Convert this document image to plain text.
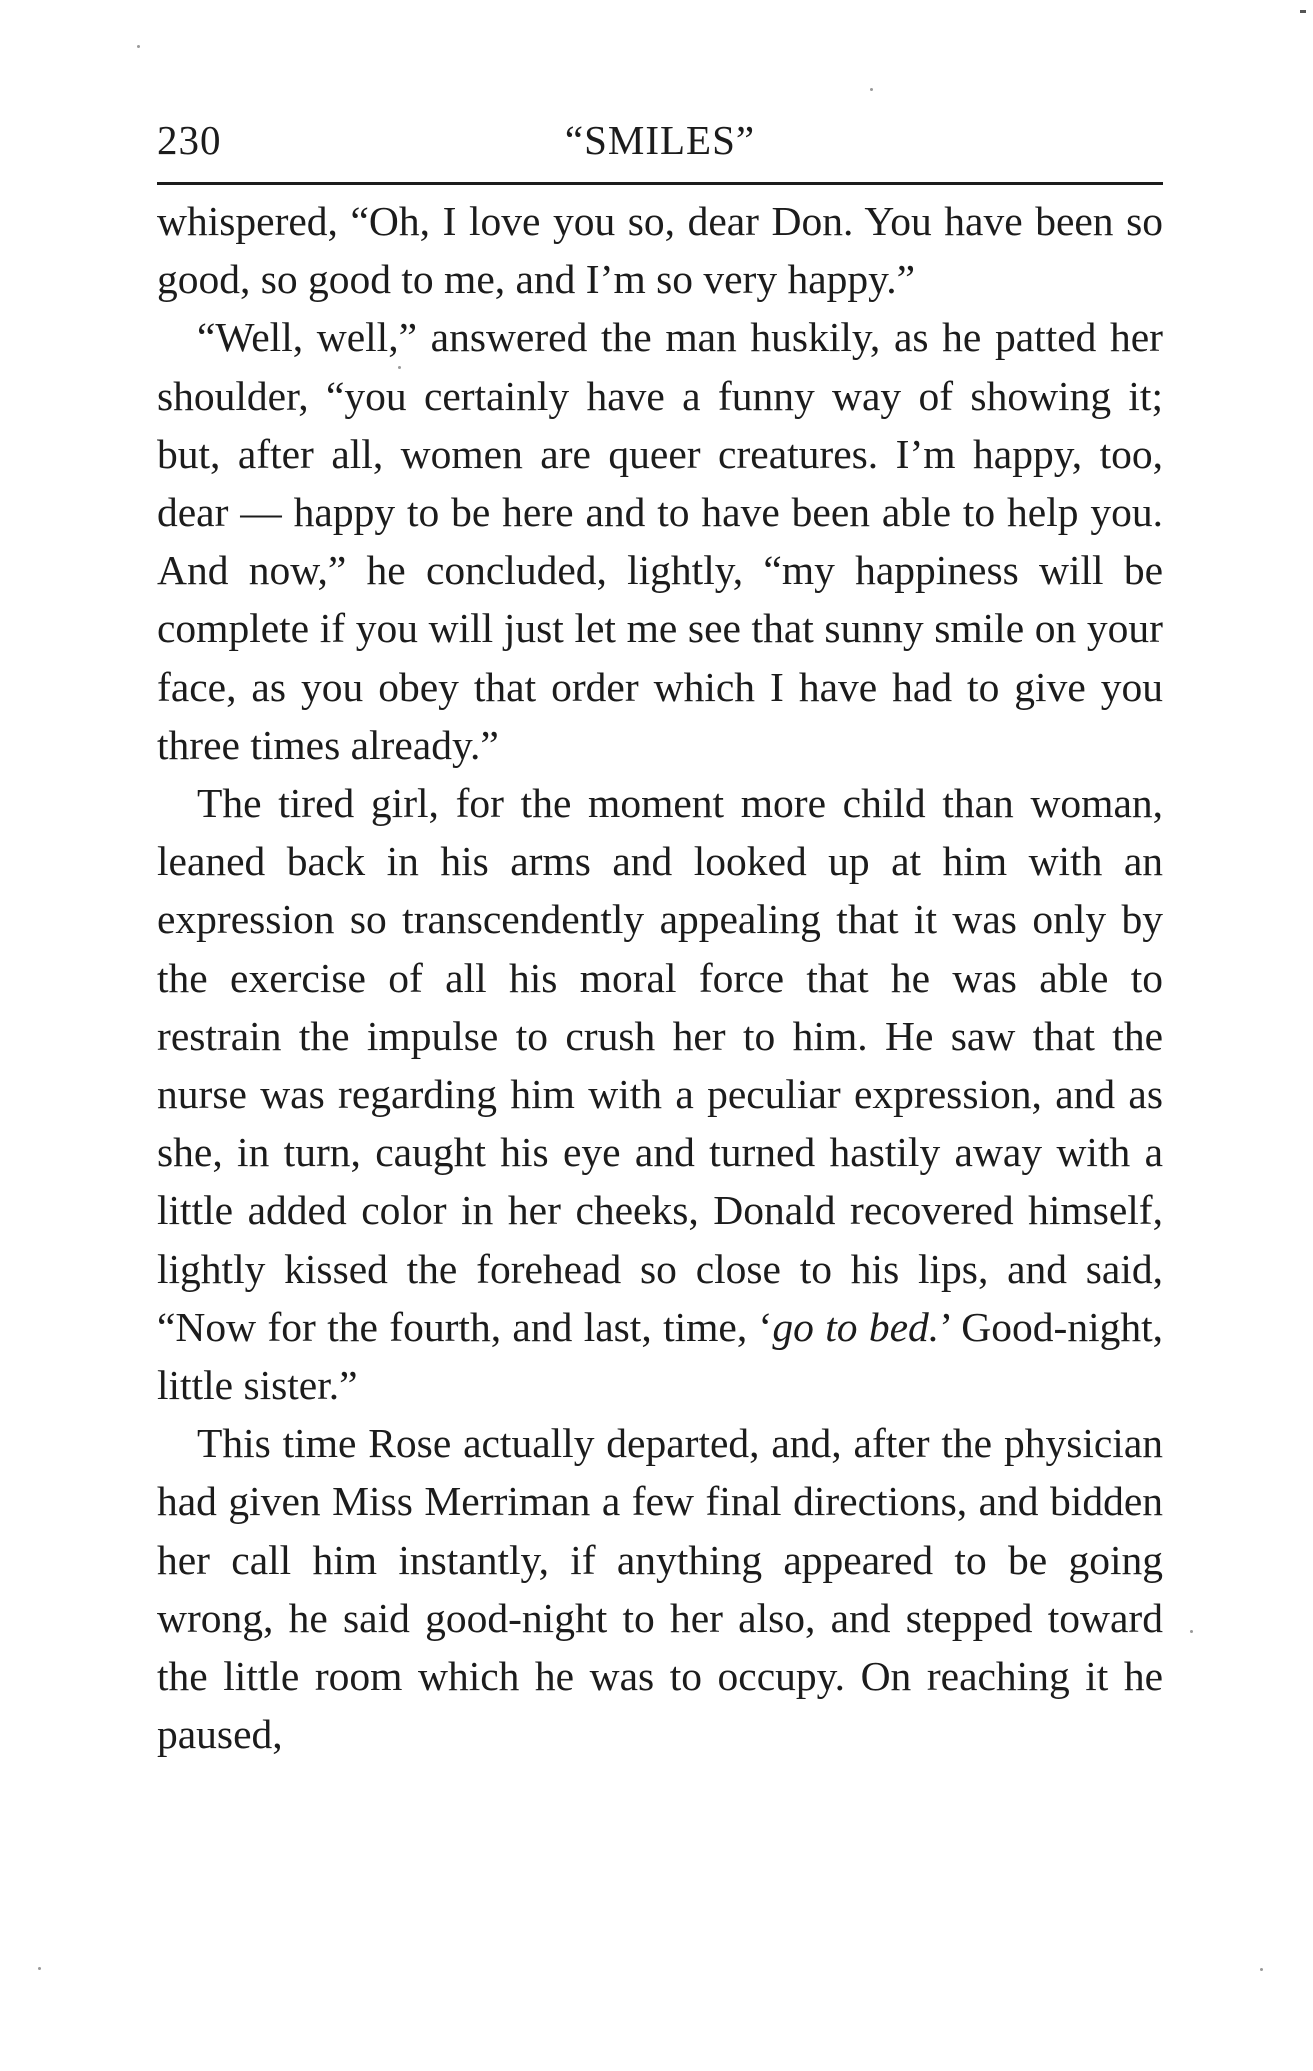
230	“SMILES”

whispered, “Oh, I love you so, dear Don. You have been so good, so good to me, and I’m so very happy.”

“Well, well,” answered the man huskily, as he patted her shoulder, “you certainly have a funny way of showing it; but, after all, women are queer creatures. I’m happy, too, dear — happy to be here and to have been able to help you. And now,” he concluded, lightly, “my happiness will be complete if you will just let me see that sunny smile on your face, as you obey that order which I have had to give you three times already.”

The tired girl, for the moment more child than woman, leaned back in his arms and looked up at him with an expression so transcendently appealing that it was only by the exercise of all his moral force that he was able to restrain the impulse to crush her to him. He saw that the nurse was regarding him with a peculiar expression, and as she, in turn, caught his eye and turned hastily away with a little added color in her cheeks, Donald recovered himself, lightly kissed the forehead so close to his lips, and said, “Now for the fourth, and last, time, ‘go to bed.’ Good-night, little sister.”

This time Rose actually departed, and, after the physician had given Miss Merriman a few final directions, and bidden her call him instantly, if anything appeared to be going wrong, he said good-night to her also, and stepped toward the little room which he was to occupy. On reaching it he paused,
